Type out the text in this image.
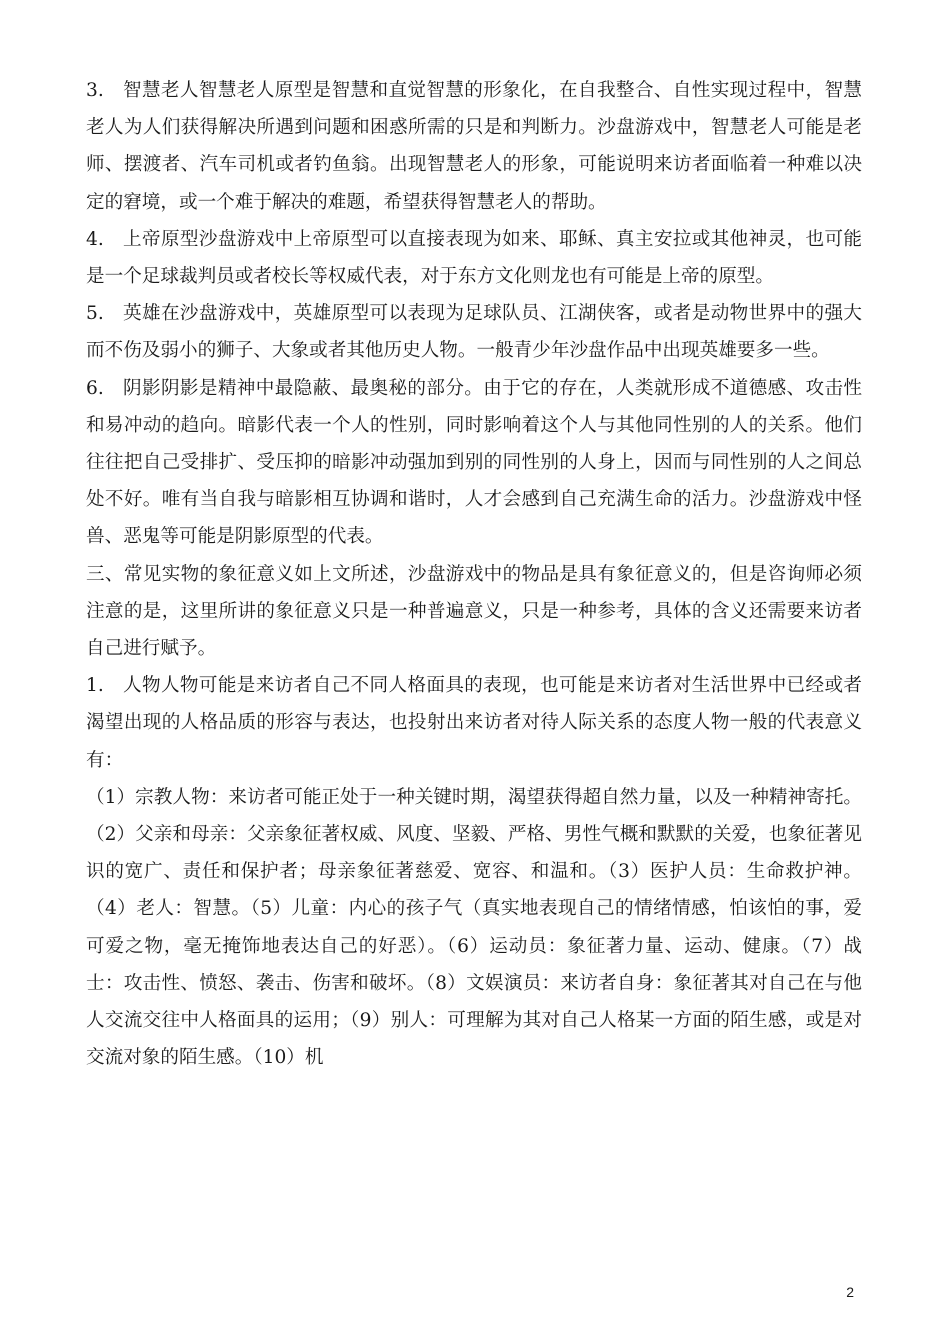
3.　智慧老人智慧老人原型是智慧和直觉智慧的形象化，在自我整合、自性实现过程中，智慧老人为人们获得解决所遇到问题和困惑所需的只是和判断力。沙盘游戏中，智慧老人可能是老师、摆渡者、汽车司机或者钓鱼翁。出现智慧老人的形象，可能说明来访者面临着一种难以决定的窘境，或一个难于解决的难题，希望获得智慧老人的帮助。

4.　上帝原型沙盘游戏中上帝原型可以直接表现为如来、耶稣、真主安拉或其他神灵，也可能是一个足球裁判员或者校长等权威代表，对于东方文化则龙也有可能是上帝的原型。

5.　英雄在沙盘游戏中，英雄原型可以表现为足球队员、江湖侠客，或者是动物世界中的强大而不伤及弱小的狮子、大象或者其他历史人物。一般青少年沙盘作品中出现英雄要多一些。

6.　阴影阴影是精神中最隐蔽、最奥秘的部分。由于它的存在，人类就形成不道德感、攻击性和易冲动的趋向。暗影代表一个人的性别，同时影响着这个人与其他同性别的人的关系。他们往往把自己受排扩、受压抑的暗影冲动强加到别的同性别的人身上，因而与同性别的人之间总处不好。唯有当自我与暗影相互协调和谐时，人才会感到自己充满生命的活力。沙盘游戏中怪兽、恶鬼等可能是阴影原型的代表。

三、常见实物的象征意义如上文所述，沙盘游戏中的物品是具有象征意义的，但是咨询师必须注意的是，这里所讲的象征意义只是一种普遍意义，只是一种参考，具体的含义还需要来访者自己进行赋予。

1.　人物人物可能是来访者自己不同人格面具的表现，也可能是来访者对生活世界中已经或者渴望出现的人格品质的形容与表达，也投射出来访者对待人际关系的态度人物一般的代表意义有：

（1）宗教人物：来访者可能正处于一种关键时期，渴望获得超自然力量，以及一种精神寄托。（2）父亲和母亲：父亲象征著权威、风度、坚毅、严格、男性气概和默默的关爱，也象征著见识的宽广、责任和保护者；母亲象征著慈爱、宽容、和温和。（3）医护人员：生命救护神。（4）老人：智慧。（5）儿童：内心的孩子气（真实地表现自己的情绪情感，怕该怕的事，爱可爱之物，毫无掩饰地表达自己的好恶）。（6）运动员：象征著力量、运动、健康。（7）战士：攻击性、愤怒、袭击、伤害和破坏。（8）文娱演员：来访者自身：象征著其对自己在与他人交流交往中人格面具的运用；（9）别人：可理解为其对自己人格某一方面的陌生感，或是对交流对象的陌生感。（10）机

2
